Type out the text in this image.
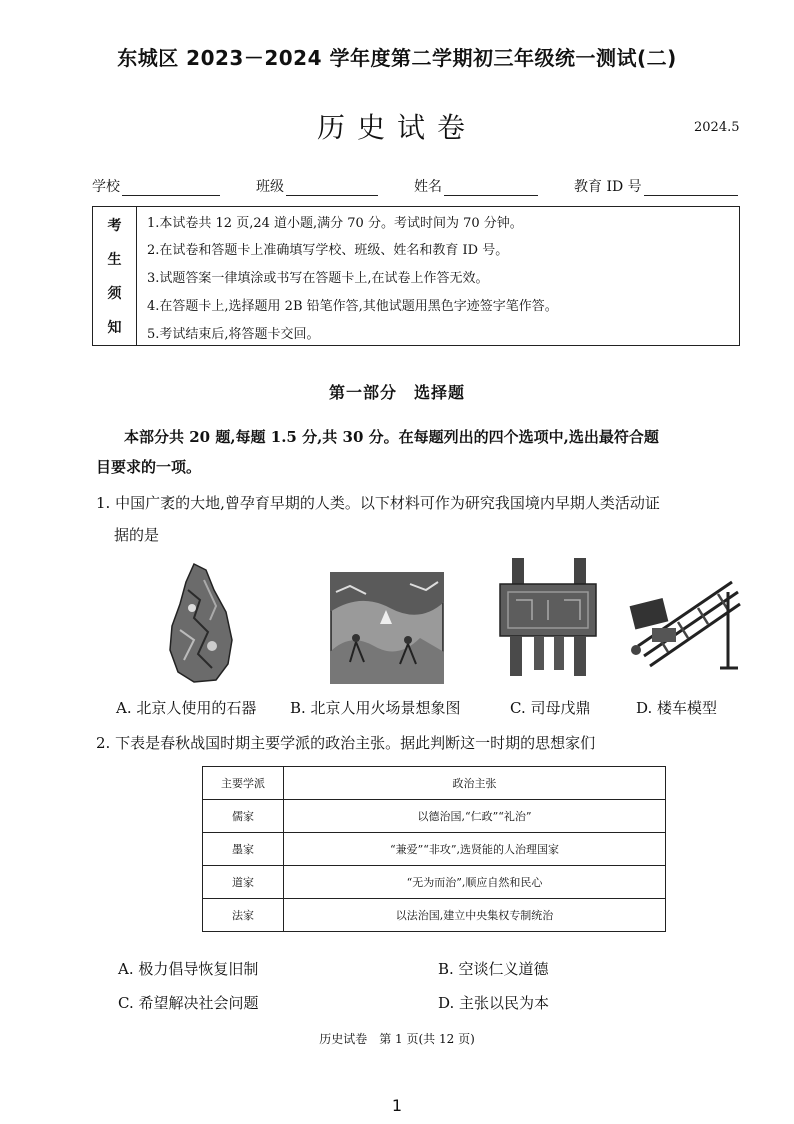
东城区 2023－2024 学年度第二学期初三年级统一测试(二)
历史试卷	2024.5
学校	班级	姓名	教育 ID 号
考
生
须
知
1.本试卷共 12 页,24 道小题,满分 70 分。考试时间为 70 分钟。
2.在试卷和答题卡上准确填写学校、班级、姓名和教育 ID 号。
3.试题答案一律填涂或书写在答题卡上,在试卷上作答无效。
4.在答题卡上,选择题用 2B 铅笔作答,其他试题用黑色字迹签字笔作答。
5.考试结束后,将答题卡交回。
第一部分　选择题
本部分共 20 题,每题 1.5 分,共 30 分。在每题列出的四个选项中,选出最符合题
目要求的一项。
1. 中国广袤的大地,曾孕育早期的人类。以下材料可作为研究我国境内早期人类活动证
据的是
A. 北京人使用的石器 B. 北京人用火场景想象图	C. 司母戊鼎	D. 楼车模型
2. 下表是春秋战国时期主要学派的政治主张。据此判断这一时期的思想家们
主要学派	政治主张
儒家	以德治国,“仁政”“礼治”
墨家	“兼爱”“非攻”,选贤能的人治理国家
道家	“无为而治”,顺应自然和民心
法家	以法治国,建立中央集权专制统治
A. 极力倡导恢复旧制	B. 空谈仁义道德
C. 希望解决社会问题	D. 主张以民为本
历史试卷　第 1 页(共 12 页)
1
